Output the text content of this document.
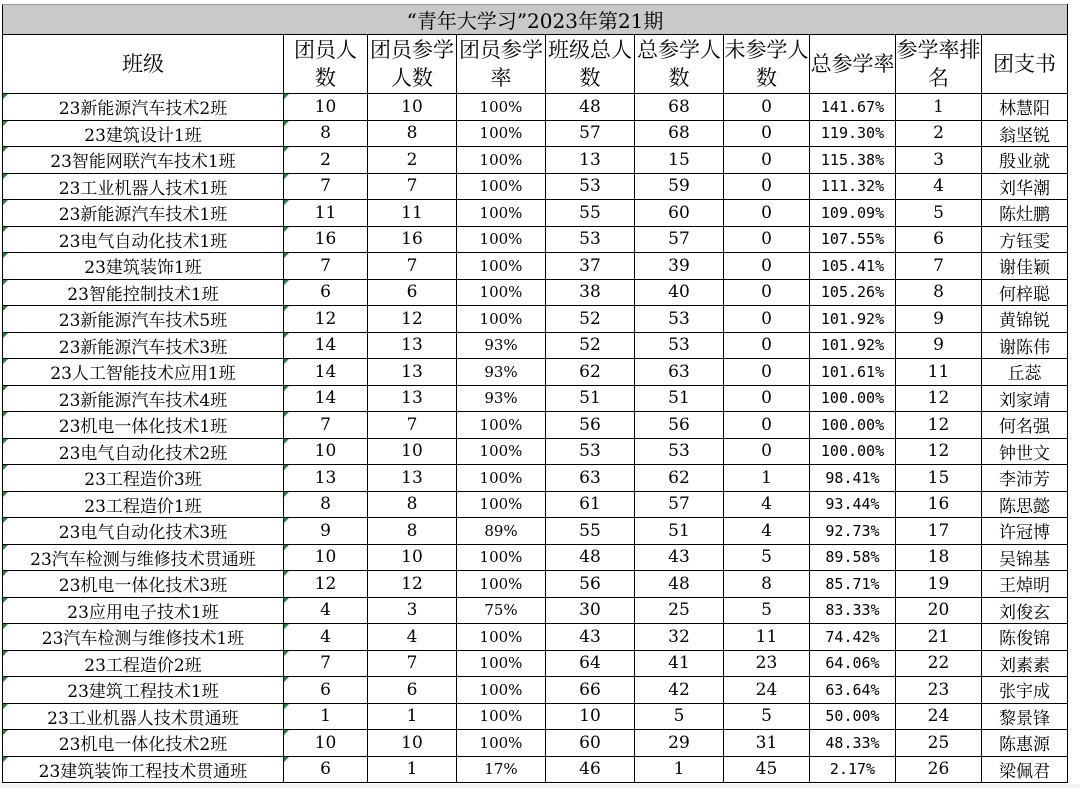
“青年大学习”2023年第21期									
班级	团员人数	团员参学人数	团员参学率	班级总人数	总参学人数	未参学人数	总参学率	参学率排名	团支书
23新能源汽车技术2班	10	10	100%	48	68	0	141.67%	1	林慧阳
23建筑设计1班	8	8	100%	57	68	0	119.30%	2	翁坚锐
23智能网联汽车技术1班	2	2	100%	13	15	0	115.38%	3	殷业就
23工业机器人技术1班	7	7	100%	53	59	0	111.32%	4	刘华潮
23新能源汽车技术1班	11	11	100%	55	60	0	109.09%	5	陈灶鹏
23电气自动化技术1班	16	16	100%	53	57	0	107.55%	6	方钰雯
23建筑装饰1班	7	7	100%	37	39	0	105.41%	7	谢佳颖
23智能控制技术1班	6	6	100%	38	40	0	105.26%	8	何梓聪
23新能源汽车技术5班	12	12	100%	52	53	0	101.92%	9	黄锦锐
23新能源汽车技术3班	14	13	93%	52	53	0	101.92%	9	谢陈伟
23人工智能技术应用1班	14	13	93%	62	63	0	101.61%	11	丘蕊
23新能源汽车技术4班	14	13	93%	51	51	0	100.00%	12	刘家靖
23机电一体化技术1班	7	7	100%	56	56	0	100.00%	12	何名强
23电气自动化技术2班	10	10	100%	53	53	0	100.00%	12	钟世文
23工程造价3班	13	13	100%	63	62	1	98.41%	15	李沛芳
23工程造价1班	8	8	100%	61	57	4	93.44%	16	陈思懿
23电气自动化技术3班	9	8	89%	55	51	4	92.73%	17	许冠博
23汽车检测与维修技术贯通班	10	10	100%	48	43	5	89.58%	18	吴锦基
23机电一体化技术3班	12	12	100%	56	48	8	85.71%	19	王焯明
23应用电子技术1班	4	3	75%	30	25	5	83.33%	20	刘俊玄
23汽车检测与维修技术1班	4	4	100%	43	32	11	74.42%	21	陈俊锦
23工程造价2班	7	7	100%	64	41	23	64.06%	22	刘素素
23建筑工程技术1班	6	6	100%	66	42	24	63.64%	23	张宇成
23工业机器人技术贯通班	1	1	100%	10	5	5	50.00%	24	黎景锋
23机电一体化技术2班	10	10	100%	60	29	31	48.33%	25	陈惠源
23建筑装饰工程技术贯通班	6	1	17%	46	1	45	2.17%	26	梁佩君
